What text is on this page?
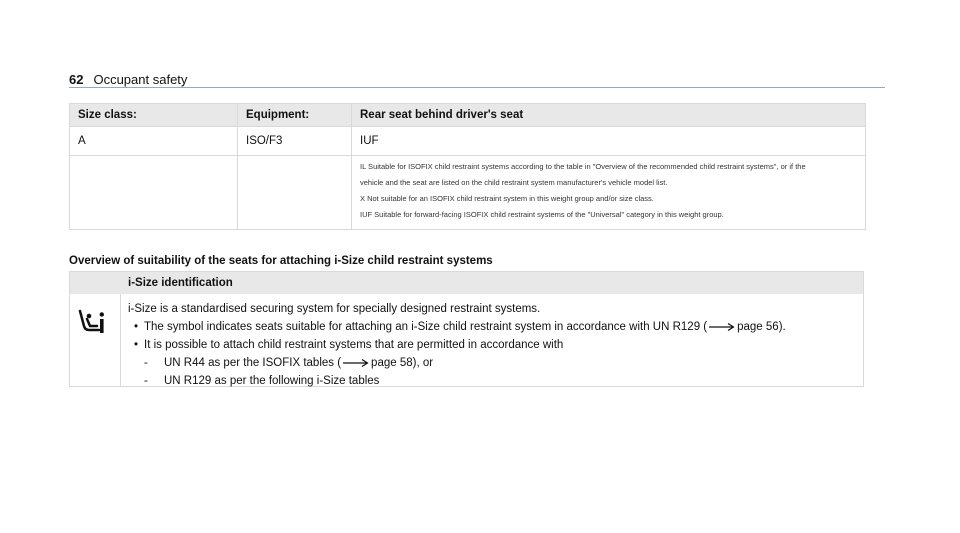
62 Occupant safety
Size class:	Equipment:	Rear seat behind driver's seat
A	ISO/F3	IUF

IL Suitable for ISOFIX child restraint systems according to the table in "Overview of the recommended child restraint systems", or if the

vehicle and the seat are listed on the child restraint system manufacturer's vehicle model list.

X Not suitable for an ISOFIX child restraint system in this weight group and/or size class.

IUF Suitable for forward-facing ISOFIX child restraint systems of the "Universal" category in this weight group.

Overview of suitability of the seats for attaching i-Size child restraint systems
i-Size identification
i-Size is a standardised securing system for specially designed restraint systems.
• The symbol indicates seats suitable for attaching an i-Size child restraint system in accordance with UN R129 (	page 56).
• It is possible to attach child restraint systems that are permitted in accordance with
-	UN R44 as per the ISOFIX tables (	page 58), or
-	UN R129 as per the following i-Size tables
